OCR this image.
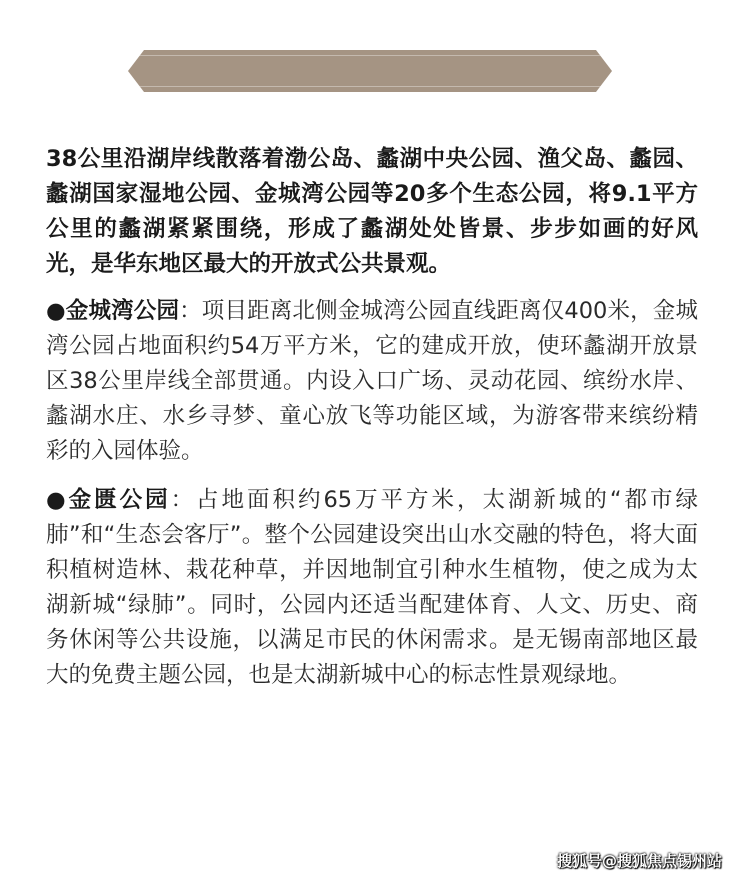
千年蠡湖之畔 坐拥城市绿心

38公里沿湖岸线散落着渤公岛、蠡湖中央公园、渔父岛、蠡园、蠡湖国家湿地公园、金城湾公园等20多个生态公园，将9.1平方公里的蠡湖紧紧围绕，形成了蠡湖处处皆景、步步如画的好风光，是华东地区最大的开放式公共景观。

●金城湾公园：项目距离北侧金城湾公园直线距离仅400米，金城湾公园占地面积约54万平方米，它的建成开放，使环蠡湖开放景区38公里岸线全部贯通。内设入口广场、灵动花园、缤纷水岸、蠡湖水庄、水乡寻梦、童心放飞等功能区域，为游客带来缤纷精彩的入园体验。

●金匮公园：占地面积约65万平方米，太湖新城的“都市绿肺”和“生态会客厅”。整个公园建设突出山水交融的特色，将大面积植树造林、栽花种草，并因地制宜引种水生植物，使之成为太湖新城“绿肺”。同时，公园内还适当配建体育、人文、历史、商务休闲等公共设施，以满足市民的休闲需求。是无锡南部地区最大的免费主题公园，也是太湖新城中心的标志性景观绿地。

搜狐号@搜狐焦点锡州站
